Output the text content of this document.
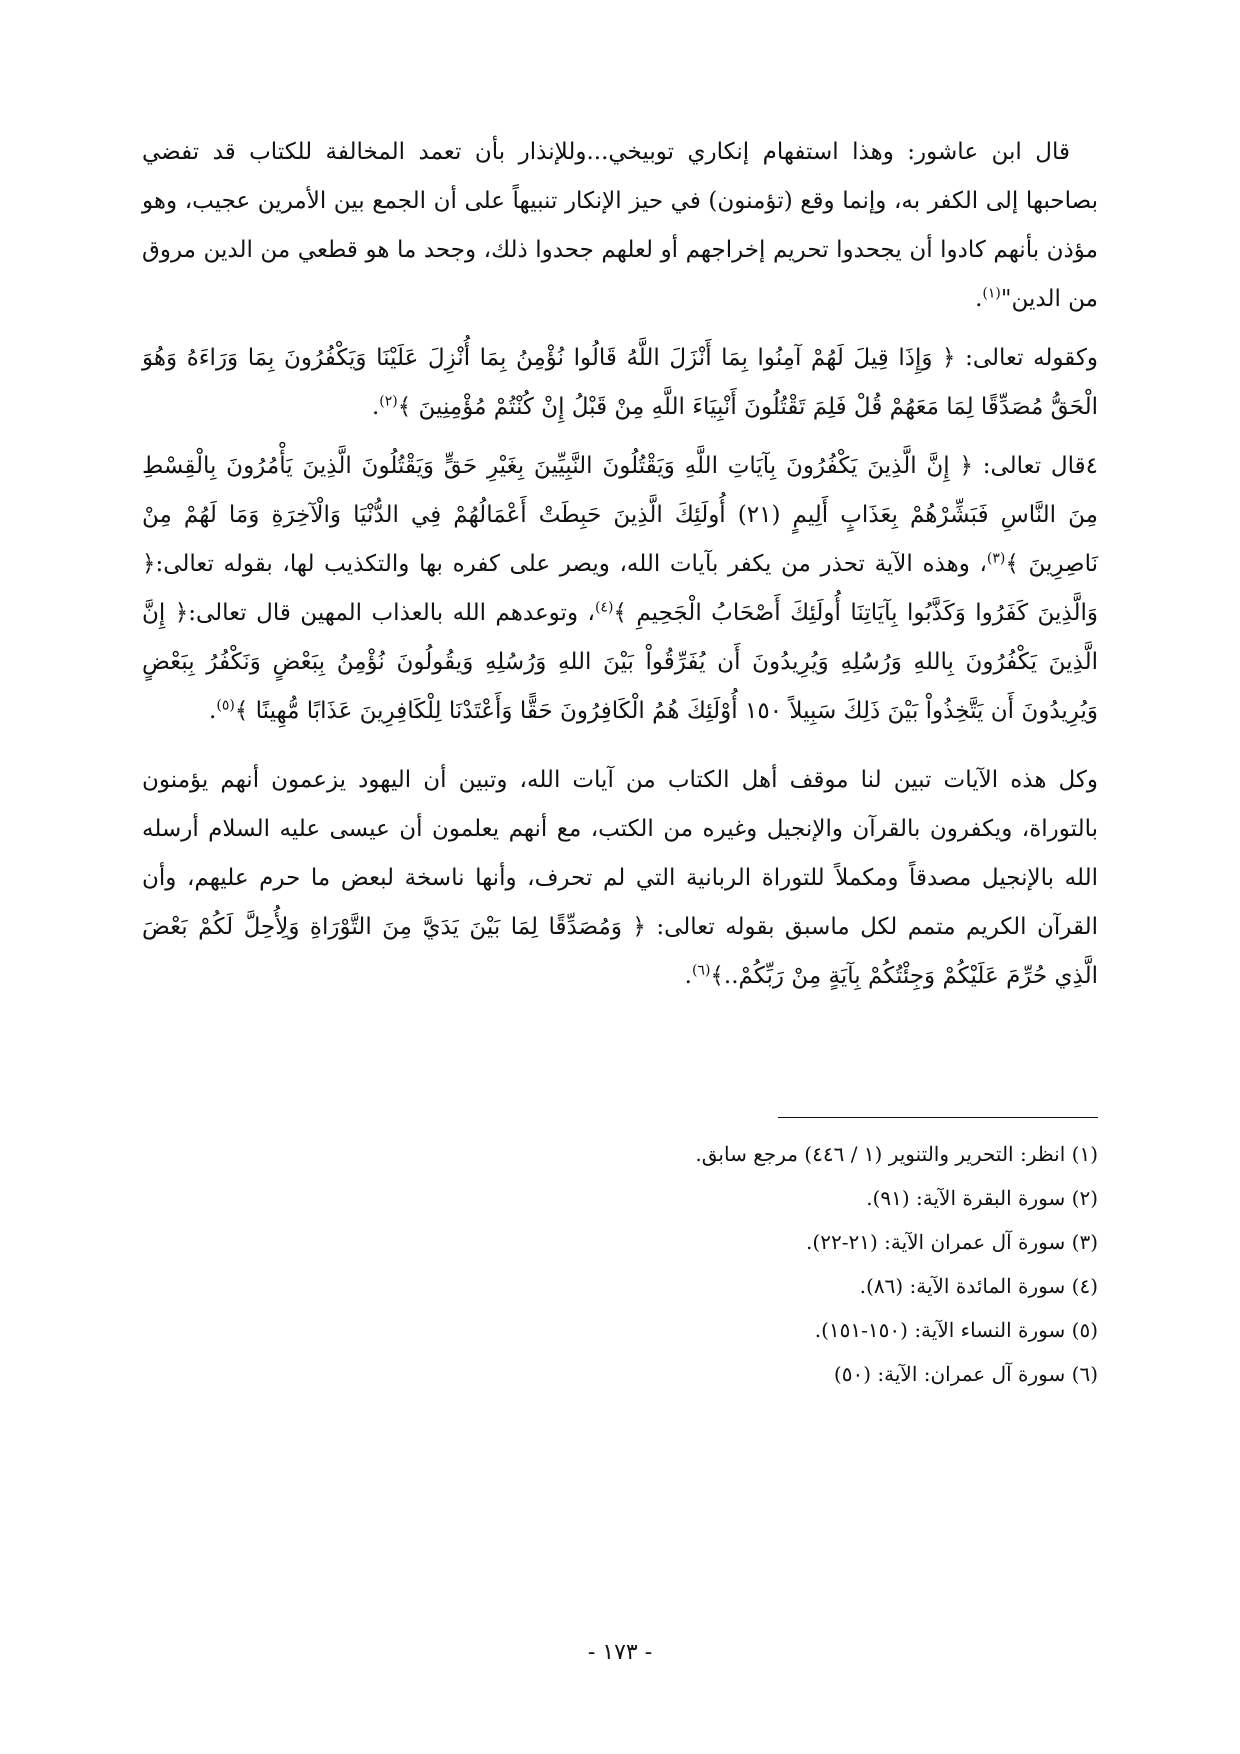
قال ابن عاشور: وهذا استفهام إنكاري توبيخي...وللإنذار بأن تعمد المخالفة للكتاب قد تفضي بصاحبها إلى الكفر به، وإنما وقع (تؤمنون) في حيز الإنكار تنبيهاً على أن الجمع بين الأمرين عجيب، وهو مؤذن بأنهم كادوا أن يجحدوا تحريم إخراجهم أو لعلهم جحدوا ذلك، وجحد ما هو قطعي من الدين مروق من الدين"$^{(١)}$.

وكقوله تعالى: ﴿ وَإِذَا قِيلَ لَهُمْ آمِنُوا بِمَا أَنْزَلَ اللَّهُ قَالُوا نُؤْمِنُ بِمَا أُنْزِلَ عَلَيْنَا وَيَكْفُرُونَ بِمَا وَرَاءَهُ وَهُوَ الْحَقُّ مُصَدِّقًا لِمَا مَعَهُمْ قُلْ فَلِمَ تَقْتُلُونَ أَنْبِيَاءَ اللَّهِ مِنْ قَبْلُ إِنْ كُنْتُمْ مُؤْمِنِينَ ﴾$^{(٢)}$.

٤قال تعالى: ﴿ إِنَّ الَّذِينَ يَكْفُرُونَ بِآيَاتِ اللَّهِ وَيَقْتُلُونَ النَّبِيِّينَ بِغَيْرِ حَقٍّ وَيَقْتُلُونَ الَّذِينَ يَأْمُرُونَ بِالْقِسْطِ مِنَ النَّاسِ فَبَشِّرْهُمْ بِعَذَابٍ أَلِيمٍ (٢١) أُولَئِكَ الَّذِينَ حَبِطَتْ أَعْمَالُهُمْ فِي الدُّنْيَا وَالْآخِرَةِ وَمَا لَهُمْ مِنْ نَاصِرِينَ ﴾$^{(٣)}$، وهذه الآية تحذر من يكفر بآيات الله، ويصر على كفره بها والتكذيب لها، بقوله تعالى:﴿ وَالَّذِينَ كَفَرُوا وَكَذَّبُوا بِآيَاتِنَا أُولَئِكَ أَصْحَابُ الْجَحِيمِ ﴾$^{(٤)}$، وتوعدهم الله بالعذاب المهين قال تعالى:﴿ إِنَّ الَّذِينَ يَكْفُرُونَ بِاللهِ وَرُسُلِهِ وَيُرِيدُونَ أَن يُفَرِّقُواْ بَيْنَ اللهِ وَرُسُلِهِ وَيقُولُونَ نُؤْمِنُ بِبَعْضٍ وَنَكْفُرُ بِبَعْضٍ وَيُرِيدُونَ أَن يَتَّخِذُواْ بَيْنَ ذَلِكَ سَبِيلاً ١٥٠ أُوْلَئِكَ هُمُ الْكَافِرُونَ حَقًّا وَأَعْتَدْنَا لِلْكَافِرِينَ عَذَابًا مُّهِينًا ﴾$^{(٥)}$.

وكل هذه الآيات تبين لنا موقف أهل الكتاب من آيات الله، وتبين أن اليهود يزعمون أنهم يؤمنون بالتوراة، ويكفرون بالقرآن والإنجيل وغيره من الكتب، مع أنهم يعلمون أن عيسى عليه السلام أرسله الله بالإنجيل مصدقاً ومكملاً للتوراة الربانية التي لم تحرف، وأنها ناسخة لبعض ما حرم عليهم، وأن القرآن الكريم متمم لكل ماسبق بقوله تعالى: ﴿ وَمُصَدِّقًا لِمَا بَيْنَ يَدَيَّ مِنَ التَّوْرَاةِ وَلِأُحِلَّ لَكُمْ بَعْضَ الَّذِي حُرِّمَ عَلَيْكُمْ وَجِئْتُكُمْ بِآيَةٍ مِنْ رَبِّكُمْ..﴾$^{(٦)}$.

(١) انظر: التحرير والتنوير (١ / ٤٤٦) مرجع سابق.
(٢) سورة البقرة الآية: (٩١).
(٣) سورة آل عمران الآية: (٢١-٢٢).
(٤) سورة المائدة الآية: (٨٦).
(٥) سورة النساء الآية: (١٥٠-١٥١).
(٦) سورة آل عمران: الآية: (٥٠)
- ١٧٣ -
